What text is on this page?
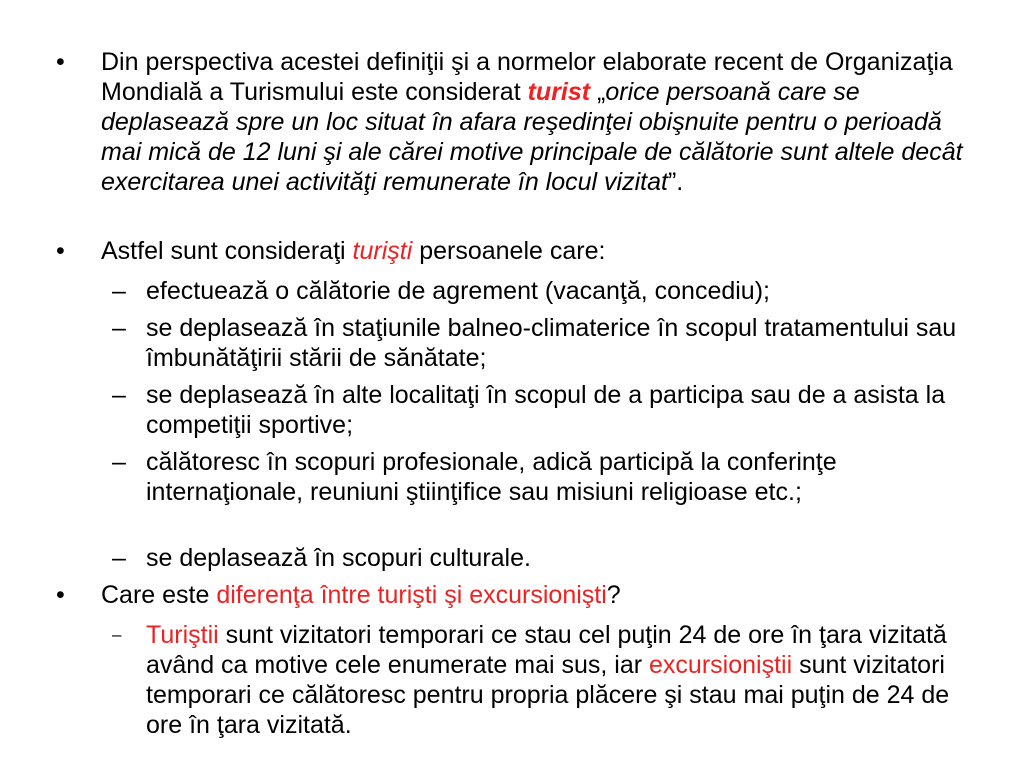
• Din perspectiva acestei definiţii şi a normelor elaborate recent de Organizaţia Mondială a Turismului este considerat turist „orice persoană care se deplasează spre un loc situat în afara reşedinţei obişnuite pentru o perioadă mai mică de 12 luni şi ale cărei motive principale de călătorie sunt altele decât exercitarea unei activităţi remunerate în locul vizitat”.
• Astfel sunt consideraţi turişti persoanele care:
– efectuează o călătorie de agrement (vacanţă, concediu);
– se deplasează în staţiunile balneo-climaterice în scopul tratamentului sau îmbunătăţirii stării de sănătate;
– se deplasează în alte localitaţi în scopul de a participa sau de a asista la competiţii sportive;
– călătoresc în scopuri profesionale, adică participă la conferinţe internaţionale, reuniuni ştiinţifice sau misiuni religioase etc.;
– se deplasează în scopuri culturale.
• Care este diferenţa între turişti şi excursionişti?
– Turiştii sunt vizitatori temporari ce stau cel puţin 24 de ore în ţara vizitată având ca motive cele enumerate mai sus, iar excursioniştii sunt vizitatori temporari ce călătoresc pentru propria plăcere şi stau mai puţin de 24 de ore în ţara vizitată.
